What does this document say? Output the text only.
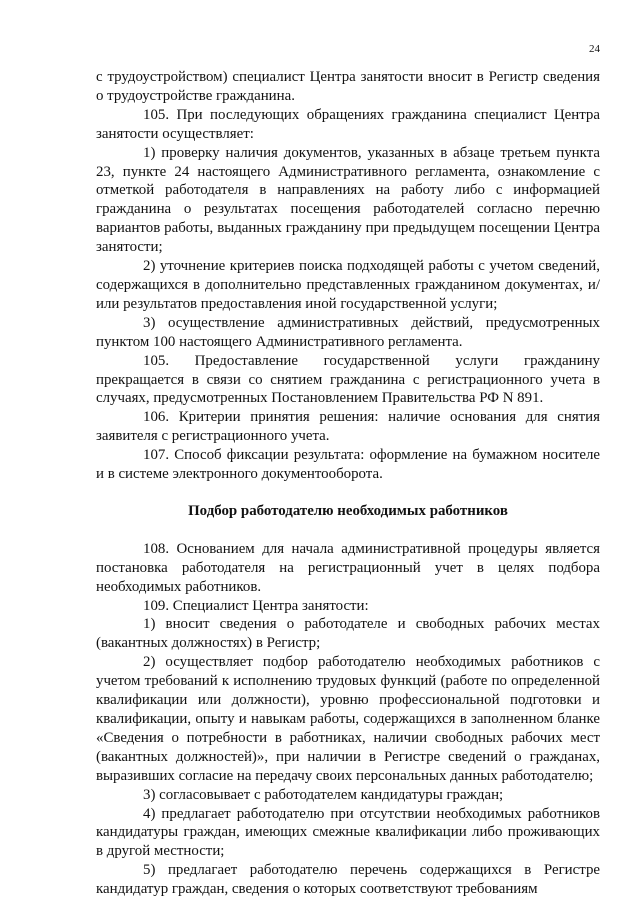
24

с трудоустройством) специалист Центра занятости вносит в Регистр сведения о трудоустройстве гражданина.

105. При последующих обращениях гражданина специалист Центра занятости осуществляет:

1) проверку наличия документов, указанных в абзаце третьем пункта 23, пункте 24 настоящего Административного регламента, ознакомление с отметкой работодателя в направлениях на работу либо с информацией гражданина о результатах посещения работодателей согласно перечню вариантов работы, выданных гражданину при предыдущем посещении Центра занятости;

2) уточнение критериев поиска подходящей работы с учетом сведений, содержащихся в дополнительно представленных гражданином документах, и/или результатов предоставления иной государственной услуги;

3) осуществление административных действий, предусмотренных пунктом 100 настоящего Административного регламента.

105. Предоставление государственной услуги гражданину прекращается в связи со снятием гражданина с регистрационного учета в случаях, предусмотренных Постановлением Правительства РФ N 891.

106. Критерии принятия решения: наличие основания для снятия заявителя с регистрационного учета.

107. Способ фиксации результата: оформление на бумажном носителе и в системе электронного документооборота.

Подбор работодателю необходимых работников

108. Основанием для начала административной процедуры является постановка работодателя на регистрационный учет в целях подбора необходимых работников.

109. Специалист Центра занятости:

1) вносит сведения о работодателе и свободных рабочих местах (вакантных должностях) в Регистр;

2) осуществляет подбор работодателю необходимых работников с учетом требований к исполнению трудовых функций (работе по определенной квалификации или должности), уровню профессиональной подготовки и квалификации, опыту и навыкам работы, содержащихся в заполненном бланке «Сведения о потребности в работниках, наличии свободных рабочих мест (вакантных должностей)», при наличии в Регистре сведений о гражданах, выразивших согласие на передачу своих персональных данных работодателю;

3) согласовывает с работодателем кандидатуры граждан;

4) предлагает работодателю при отсутствии необходимых работников кандидатуры граждан, имеющих смежные квалификации либо проживающих в другой местности;

5) предлагает работодателю перечень содержащихся в Регистре кандидатур граждан, сведения о которых соответствуют требованиям
